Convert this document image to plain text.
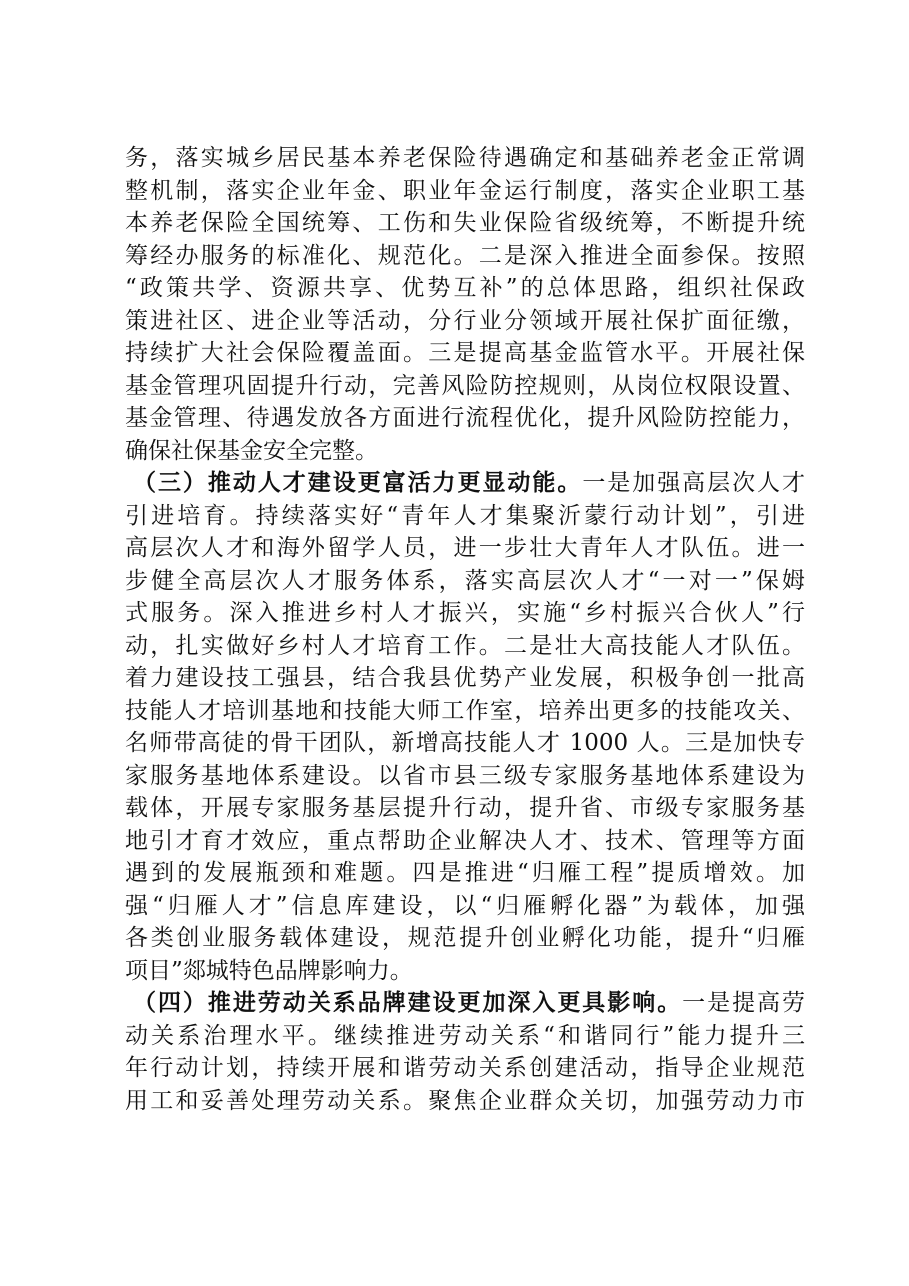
务，落实城乡居民基本养老保险待遇确定和基础养老金正常调
整机制，落实企业年金、职业年金运行制度，落实企业职工基
本养老保险全国统筹、工伤和失业保险省级统筹，不断提升统
筹经办服务的标准化、规范化。二是深入推进全面参保。按照
“政策共学、资源共享、优势互补”的总体思路，组织社保政
策进社区、进企业等活动，分行业分领域开展社保扩面征缴，
持续扩大社会保险覆盖面。三是提高基金监管水平。开展社保
基金管理巩固提升行动，完善风险防控规则，从岗位权限设置、
基金管理、待遇发放各方面进行流程优化，提升风险防控能力，
确保社保基金安全完整。
（三）推动人才建设更富活力更显动能。一是加强高层次人才
引进培育。持续落实好“青年人才集聚沂蒙行动计划”，引进
高层次人才和海外留学人员，进一步壮大青年人才队伍。进一
步健全高层次人才服务体系，落实高层次人才“一对一”保姆
式服务。深入推进乡村人才振兴，实施“乡村振兴合伙人”行
动，扎实做好乡村人才培育工作。二是壮大高技能人才队伍。
着力建设技工强县，结合我县优势产业发展，积极争创一批高
技能人才培训基地和技能大师工作室，培养出更多的技能攻关、
名师带高徒的骨干团队，新增高技能人才 1000 人。三是加快专
家服务基地体系建设。以省市县三级专家服务基地体系建设为
载体，开展专家服务基层提升行动，提升省、市级专家服务基
地引才育才效应，重点帮助企业解决人才、技术、管理等方面
遇到的发展瓶颈和难题。四是推进“归雁工程”提质增效。加
强“归雁人才”信息库建设，以“归雁孵化器”为载体，加强
各类创业服务载体建设，规范提升创业孵化功能，提升“归雁
项目”郯城特色品牌影响力。
（四）推进劳动关系品牌建设更加深入更具影响。一是提高劳
动关系治理水平。继续推进劳动关系“和谐同行”能力提升三
年行动计划，持续开展和谐劳动关系创建活动，指导企业规范
用工和妥善处理劳动关系。聚焦企业群众关切，加强劳动力市
